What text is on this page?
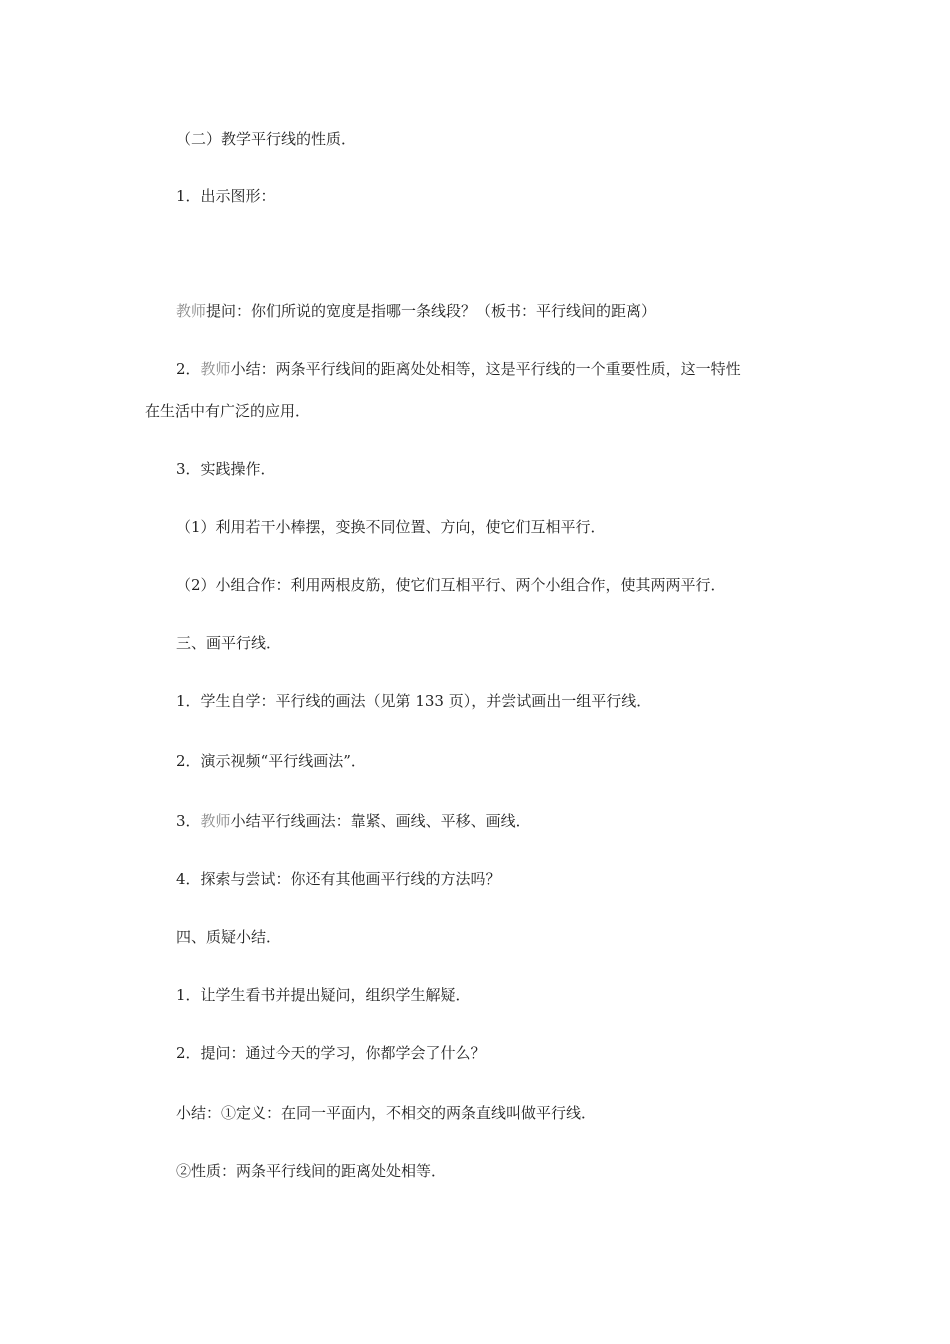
（二）教学平行线的性质．
1．出示图形：
教师提问：你们所说的宽度是指哪一条线段？（板书：平行线间的距离）
2．教师小结：两条平行线间的距离处处相等，这是平行线的一个重要性质，这一特性
在生活中有广泛的应用．
3．实践操作．
（1）利用若干小棒摆，变换不同位置、方向，使它们互相平行．
（2）小组合作：利用两根皮筋，使它们互相平行、两个小组合作，使其两两平行．
三、画平行线．
1．学生自学：平行线的画法（见第 133 页），并尝试画出一组平行线．
2．演示视频“平行线画法”．
3．教师小结平行线画法：靠紧、画线、平移、画线．
4．探索与尝试：你还有其他画平行线的方法吗？
四、质疑小结．
1．让学生看书并提出疑问，组织学生解疑．
2．提问：通过今天的学习，你都学会了什么？
小结：①定义：在同一平面内，不相交的两条直线叫做平行线．
②性质：两条平行线间的距离处处相等．
